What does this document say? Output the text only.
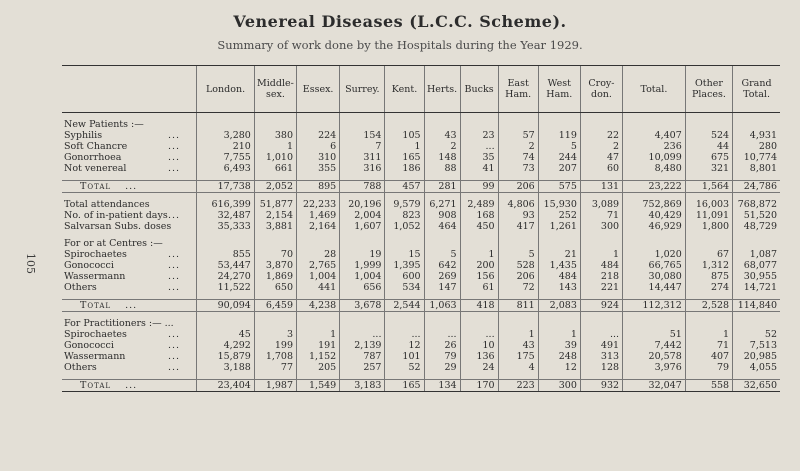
Venereal Diseases (L.C.C. Scheme).
Summary of work done by the Hospitals during the Year 1929.
105
	London.	Middle-sex.	Essex.	Surrey.	Kent.	Herts.	Bucks	East Ham.	West Ham.	Croy-don.	Total.	Other Places.	Grand Total.

New Patients :—													
Syphilis ...	3,280	380	224	154	105	43	23	57	119	22	4,407	524	4,931
Soft Chancre ...	210	1	6	7	1	2	...	2	5	2	236	44	280
Gonorrhoea ...	7,755	1,010	310	311	165	148	35	74	244	47	10,099	675	10,774
Not venereal ...	6,493	661	355	316	186	88	41	73	207	60	8,480	321	8,801

Total ...	17,738	2,052	895	788	457	281	99	206	575	131	23,222	1,564	24,786

Total attendances	616,399	51,877	22,233	20,196	9,579	6,271	2,489	4,806	15,930	3,089	752,869	16,003	768,872
No. of in-patient days...	32,487	2,154	1,469	2,004	823	908	168	93	252	71	40,429	11,091	51,520
Salvarsan Subs. doses	35,333	3,881	2,164	1,607	1,052	464	450	417	1,261	300	46,929	1,800	48,729

For or at Centres :—													
Spirochaetes ...	855	70	28	19	15	5	1	5	21	1	1,020	67	1,087
Gonococci ...	53,447	3,870	2,765	1,999	1,395	642	200	528	1,435	484	66,765	1,312	68,077
Wassermann ...	24,270	1,869	1,004	1,004	600	269	156	206	484	218	30,080	875	30,955
Others ...	11,522	650	441	656	534	147	61	72	143	221	14,447	274	14,721

Total ...	90,094	6,459	4,238	3,678	2,544	1,063	418	811	2,083	924	112,312	2,528	114,840

For Practitioners :— ...													
Spirochaetes ...	45	3	1	...	...	...	...	1	1	...	51	1	52
Gonococci ...	4,292	199	191	2,139	12	26	10	43	39	491	7,442	71	7,513
Wassermann ...	15,879	1,708	1,152	787	101	79	136	175	248	313	20,578	407	20,985
Others ...	3,188	77	205	257	52	29	24	4	12	128	3,976	79	4,055

Total ...	23,404	1,987	1,549	3,183	165	134	170	223	300	932	32,047	558	32,650
